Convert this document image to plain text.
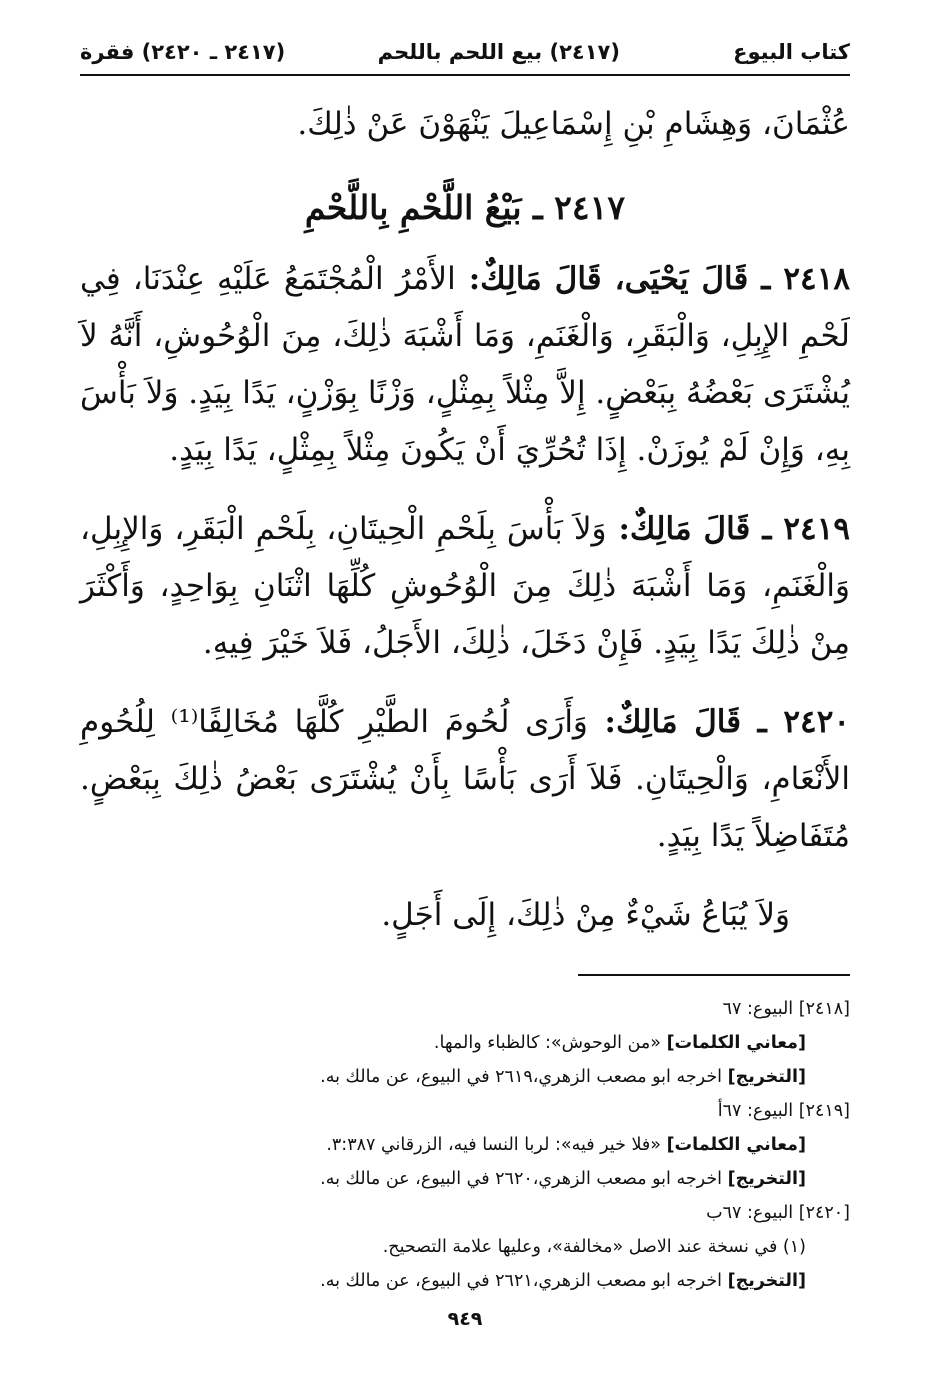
كتاب البيوع
(٢٤١٧) بيع اللحم باللحم
(٢٤١٧ ـ ٢٤٢٠) فقرة

عُثْمَانَ، وَهِشَامِ بْنِ إِسْمَاعِيلَ يَنْهَوْنَ عَنْ ذٰلِكَ.

٢٤١٧ ـ بَيْعُ اللَّحْمِ بِاللَّحْمِ

٢٤١٨ ـ قَالَ يَحْيَى، قَالَ مَالِكٌ: الأَمْرُ الْمُجْتَمَعُ عَلَيْهِ عِنْدَنَا، فِي لَحْمِ الإِبِلِ، وَالْبَقَرِ، وَالْغَنَمِ، وَمَا أَشْبَهَ ذٰلِكَ، مِنَ الْوُحُوشِ، أَنَّهُ لاَ يُشْتَرَى بَعْضُهُ بِبَعْضٍ. إِلاَّ مِثْلاً بِمِثْلٍ، وَزْنًا بِوَزْنٍ، يَدًا بِيَدٍ. وَلاَ بَأْسَ بِهِ، وَإِنْ لَمْ يُوزَنْ. إِذَا تُحُرِّيَ أَنْ يَكُونَ مِثْلاً بِمِثْلٍ، يَدًا بِيَدٍ.

٢٤١٩ ـ قَالَ مَالِكٌ: وَلاَ بَأْسَ بِلَحْمِ الْحِيتَانِ، بِلَحْمِ الْبَقَرِ، وَالإِبِلِ، وَالْغَنَمِ، وَمَا أَشْبَهَ ذٰلِكَ مِنَ الْوُحُوشِ كُلِّهَا اثْنَانِ بِوَاحِدٍ، وَأَكْثَرَ مِنْ ذٰلِكَ يَدًا بِيَدٍ. فَإِنْ دَخَلَ، ذٰلِكَ، الأَجَلُ، فَلاَ خَيْرَ فِيهِ.

٢٤٢٠ ـ قَالَ مَالِكٌ: وَأَرَى لُحُومَ الطَّيْرِ كُلَّهَا مُخَالِفًا⁽¹⁾ لِلُحُومِ الأَنْعَامِ، وَالْحِيتَانِ. فَلاَ أَرَى بَأْسًا بِأَنْ يُشْتَرَى بَعْضُ ذٰلِكَ بِبَعْضٍ. مُتَفَاضِلاً يَدًا بِيَدٍ.

وَلاَ يُبَاعُ شَيْءٌ مِنْ ذٰلِكَ، إِلَى أَجَلٍ.

[٢٤١٨] البيوع: ٦٧

[معاني الكلمات] «من الوحوش»: كالظباء والمها.

[التخريج] اخرجه ابو مصعب الزهري،٢٦١٩ في البيوع، عن مالك به.

[٢٤١٩] البيوع: ٦٧أ

[معاني الكلمات] «فلا خير فيه»: لربا النسا فيه، الزرقاني ٣:٣٨٧.

[التخريج] اخرجه ابو مصعب الزهري،٢٦٢٠ في البيوع، عن مالك به.

[٢٤٢٠] البيوع: ٦٧ب

(١) في نسخة عند الاصل «مخالفة»، وعليها علامة التصحيح.

[التخريج] اخرجه ابو مصعب الزهري،٢٦٢١ في البيوع، عن مالك به.

٩٤٩
